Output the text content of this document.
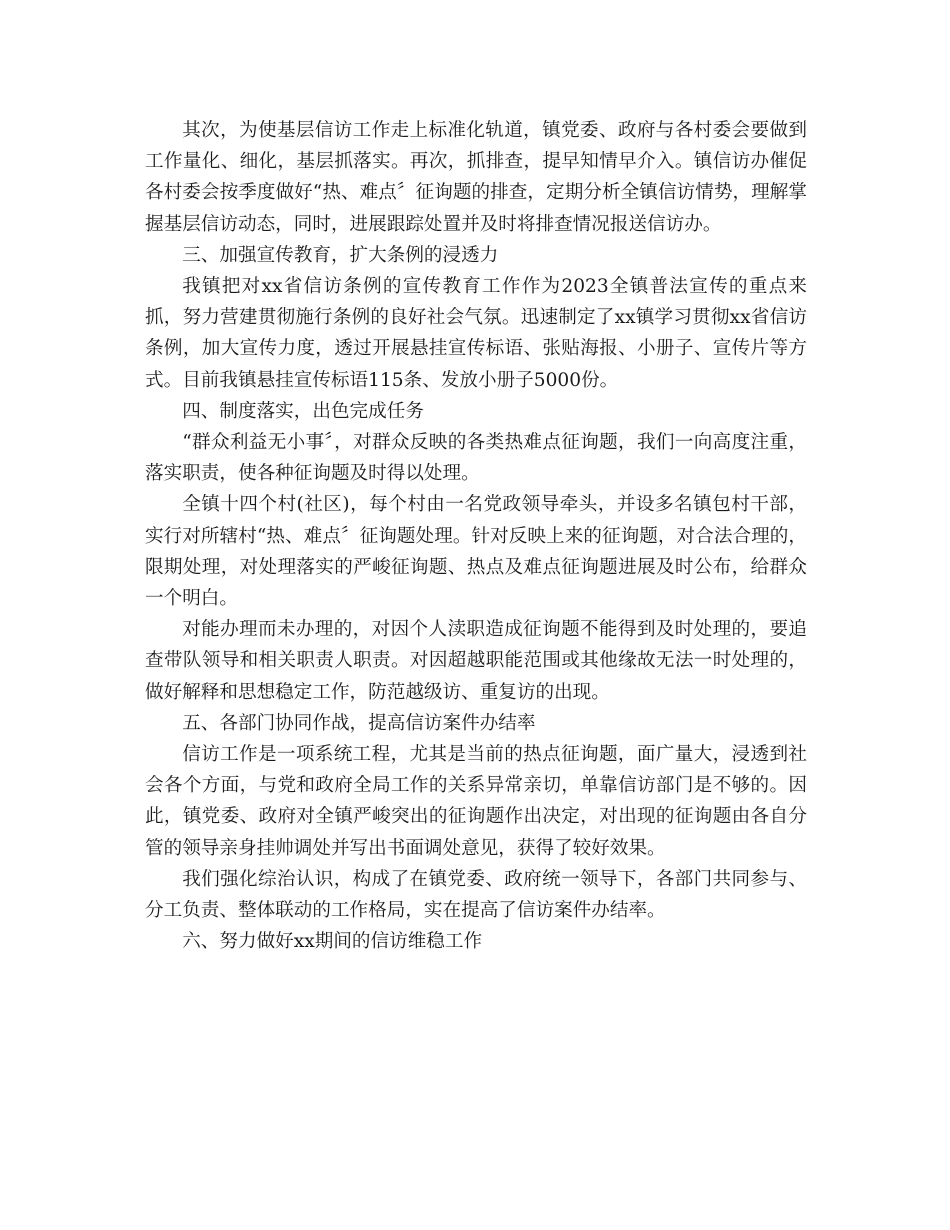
其次，为使基层信访工作走上标准化轨道，镇党委、政府与各村委会要做到工作量化、细化，基层抓落实。再次，抓排查，提早知情早介入。镇信访办催促各村委会按季度做好“热、难点〞征询题的排查，定期分析全镇信访情势，理解掌握基层信访动态，同时，进展跟踪处置并及时将排查情况报送信访办。

三、加强宣传教育，扩大条例的浸透力

我镇把对xx省信访条例的宣传教育工作作为2023全镇普法宣传的重点来抓，努力营建贯彻施行条例的良好社会气氛。迅速制定了xx镇学习贯彻xx省信访条例，加大宣传力度，透过开展悬挂宣传标语、张贴海报、小册子、宣传片等方式。目前我镇悬挂宣传标语115条、发放小册子5000份。

四、制度落实，出色完成任务

“群众利益无小事〞，对群众反映的各类热难点征询题，我们一向高度注重，落实职责，使各种征询题及时得以处理。

全镇十四个村(社区)，每个村由一名党政领导牵头，并设多名镇包村干部，实行对所辖村“热、难点〞征询题处理。针对反映上来的征询题，对合法合理的，限期处理，对处理落实的严峻征询题、热点及难点征询题进展及时公布，给群众一个明白。

对能办理而未办理的，对因个人渎职造成征询题不能得到及时处理的，要追查带队领导和相关职责人职责。对因超越职能范围或其他缘故无法一时处理的，做好解释和思想稳定工作，防范越级访、重复访的出现。

五、各部门协同作战，提高信访案件办结率

信访工作是一项系统工程，尤其是当前的热点征询题，面广量大，浸透到社会各个方面，与党和政府全局工作的关系异常亲切，单靠信访部门是不够的。因此，镇党委、政府对全镇严峻突出的征询题作出决定，对出现的征询题由各自分管的领导亲身挂帅调处并写出书面调处意见，获得了较好效果。

我们强化综治认识，构成了在镇党委、政府统一领导下，各部门共同参与、分工负责、整体联动的工作格局，实在提高了信访案件办结率。

六、努力做好xx期间的信访维稳工作
